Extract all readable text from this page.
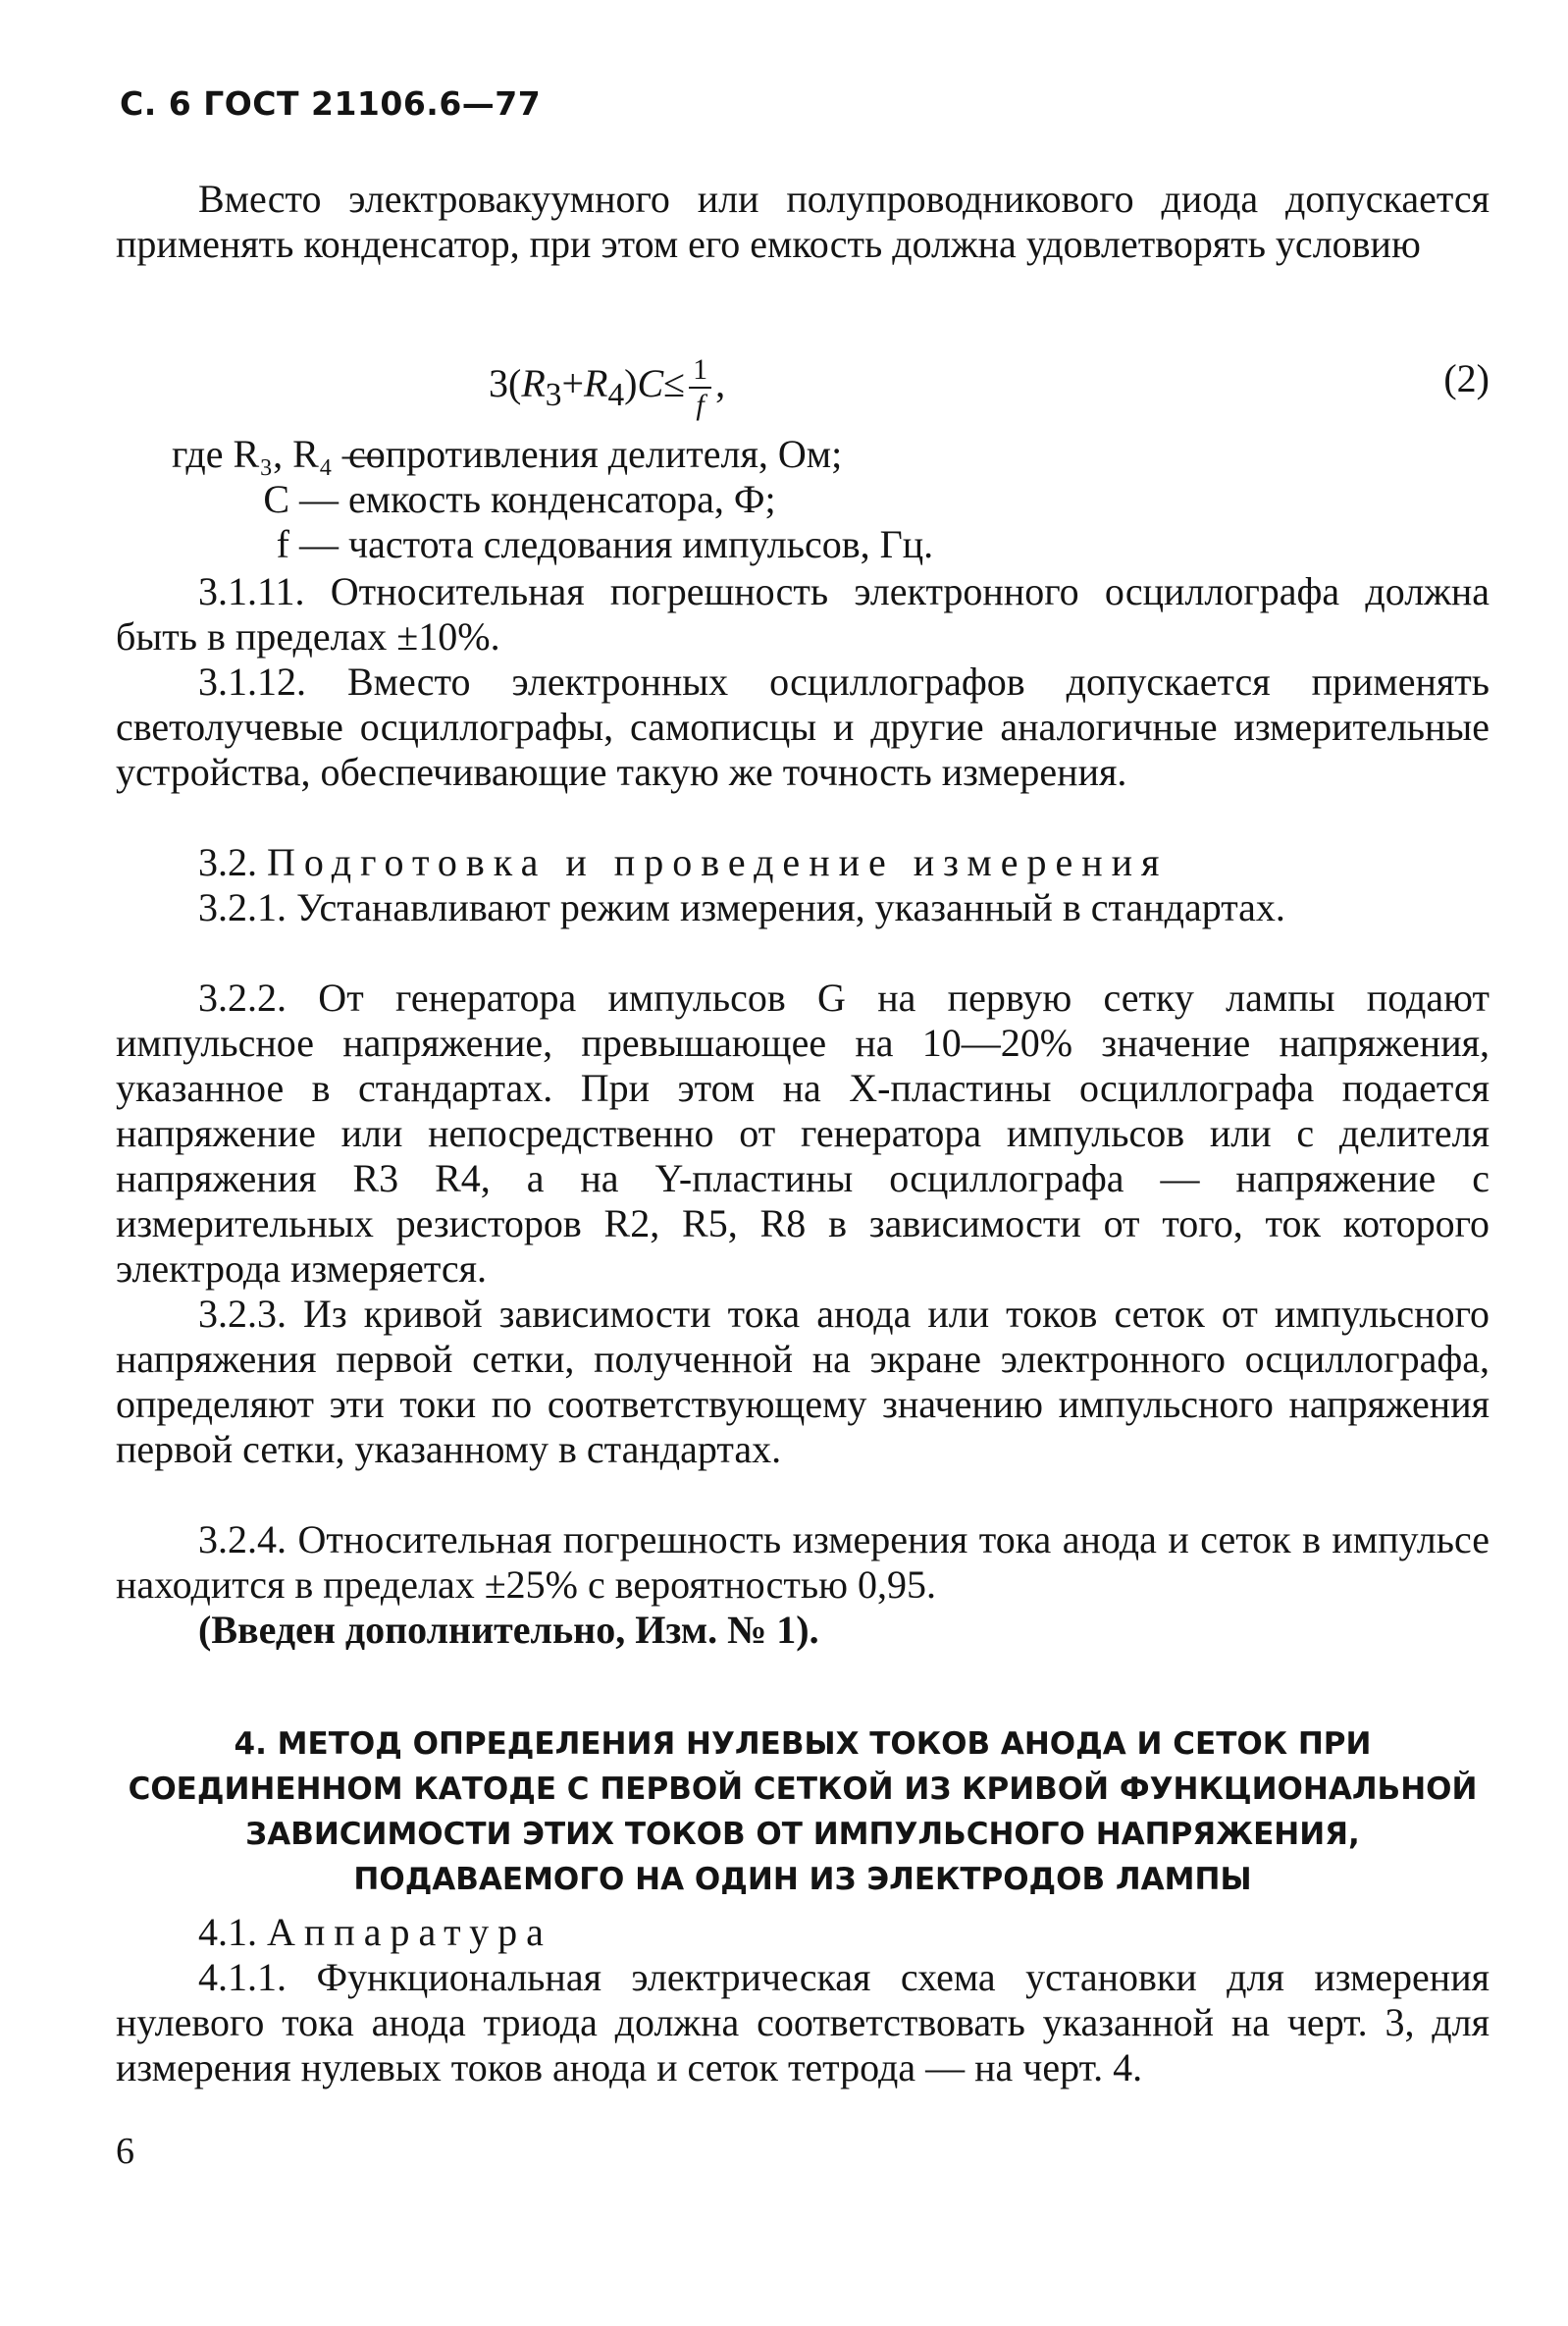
С. 6 ГОСТ 21106.6—77

Вместо электровакуумного или полупроводникового диода допускается применять конденсатор, при этом его емкость должна удовлетворять условию

$3(R_3+R_4)C\le \frac{1}{f}$ ,	(2)
где R₃, R₄ — сопротивления делителя, Ом;
C — емкость конденсатора, Ф;
f — частота следования импульсов, Гц.

3.1.11. Относительная погрешность электронного осциллографа должна быть в пределах ±10%.

3.1.12. Вместо электронных осциллографов допускается применять светолучевые осциллографы, самописцы и другие аналогичные измерительные устройства, обеспечивающие такую же точность измерения.

3.2. Подготовка и проведение измерения

3.2.1. Устанавливают режим измерения, указанный в стандартах.

3.2.2. От генератора импульсов G на первую сетку лампы подают импульсное напряжение, превышающее на 10—20% значение напряжения, указанное в стандартах. При этом на X-пластины осциллографа подается напряжение или непосредственно от генератора импульсов или с делителя напряжения R3 R4, а на Y-пластины осциллографа — напряжение с измерительных резисторов R2, R5, R8 в зависимости от того, ток которого электрода измеряется.

3.2.3. Из кривой зависимости тока анода или токов сеток от импульсного напряжения первой сетки, полученной на экране электронного осциллографа, определяют эти токи по соответствующему значению импульсного напряжения первой сетки, указанному в стандартах.

3.2.4. Относительная погрешность измерения тока анода и сеток в импульсе находится в пределах ±25% с вероятностью 0,95.

(Введен дополнительно, Изм. № 1).

4. МЕТОД ОПРЕДЕЛЕНИЯ НУЛЕВЫХ ТОКОВ АНОДА И СЕТОК ПРИ СОЕДИНЕННОМ КАТОДЕ С ПЕРВОЙ СЕТКОЙ ИЗ КРИВОЙ ФУНКЦИОНАЛЬНОЙ ЗАВИСИМОСТИ ЭТИХ ТОКОВ ОТ ИМПУЛЬСНОГО НАПРЯЖЕНИЯ, ПОДАВАЕМОГО НА ОДИН ИЗ ЭЛЕКТРОДОВ ЛАМПЫ

4.1. Аппаратура

4.1.1. Функциональная электрическая схема установки для измерения нулевого тока анода триода должна соответствовать указанной на черт. 3, для измерения нулевых токов анода и сеток тетрода — на черт. 4.

6
